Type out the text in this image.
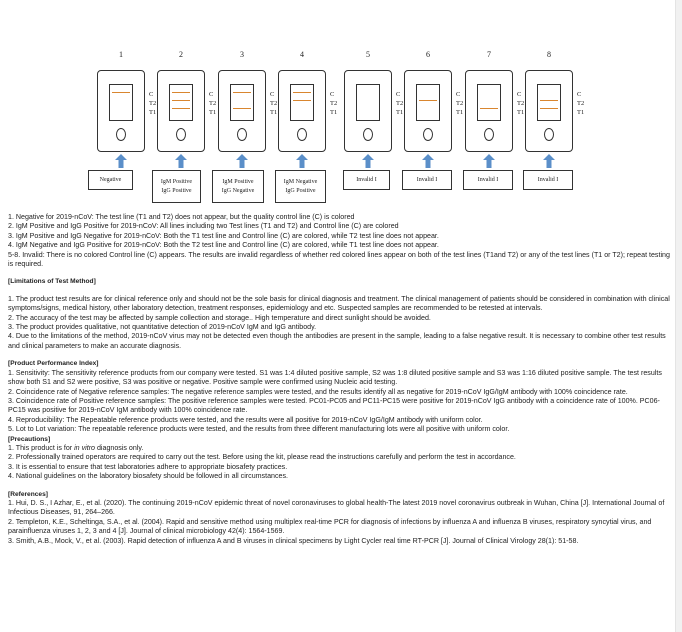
1
C
T2
T1
Negative
2
C
T2
T1
IgM Positive
IgG Positive
3
C
T2
T1
IgM Positive
IgG Negative
4
C
T2
T1
IgM Negative
IgG Positive
5
C
T2
T1
Invalid I
6
C
T2
T1
Invalid I
7
C
T2
T1
Invalid I
8
C
T2
T1
Invalid I

1. Negative for 2019-nCoV: The test line (T1 and T2) does not appear, but the quality control line (C) is colored

2. IgM Positive and IgG Positive for 2019-nCoV: All lines including two Test lines (T1 and T2) and Control line (C) are colored

3. IgM Positive and IgG Negative for 2019-nCoV: Both the T1 test line and Control line (C) are colored, while T2 test line does not appear.

4. IgM Negative and IgG Positive for 2019-nCoV: Both the T2 test line and Control line (C) are colored, while T1 test line does not appear.

5-8. Invalid: There is no colored Control line (C) appears. The results are invalid regardless of whether red colored lines appear on both of the test lines (T1and T2) or any of the test lines (T1 or T2); repeat testing is required.

[Limitations of Test Method]

1. The product test results are for clinical reference only and should not be the sole basis for clinical diagnosis and treatment. The clinical management of patients should be considered in combination with clinical symptoms/signs, medical history, other laboratory detection, treatment responses, epidemiology and etc. Suspected samples are recommended to be retested at intervals.

2. The accuracy of the test may be affected by sample collection and storage.. High temperature and direct sunlight should be avoided.

3. The product provides qualitative, not quantitative detection of 2019-nCoV IgM and IgG antibody.

4. Due to the limitations of the method, 2019-nCoV virus may not be detected even though the antibodies are present in the sample, leading to a false negative result. It is necessary to combine other test results and clinical parameters to make an accurate diagnosis.

[Product Performance Index]

1. Sensitivity: The sensitivity reference products from our company were tested. S1 was 1:4 diluted positive sample, S2 was 1:8 diluted positive sample and S3 was 1:16 diluted positive sample. The test results show both S1 and S2 were positive, S3 was positive or negative. Positive sample were confirmed using Nucleic acid testing.

2. Coincidence rate of Negative reference samples: The negative reference samples were tested, and the results identify all as negative for 2019-nCoV IgG/IgM antibody with 100% coincidence rate.

3. Coincidence rate of Positive reference samples: The positive reference samples were tested. PC01-PC05 and PC11-PC15 were positive for 2019-nCoV IgG antibody with a coincidence rate of 100%. PC06-PC15 was positive for 2019-nCoV IgM antibody with 100% coincidence rate.

4. Reproducibility: The Repeatable reference products were tested, and the results were all positive for 2019-nCoV IgG/IgM antibody with uniform color.

5. Lot to Lot variation: The repeatable reference products were tested, and the results from three different manufacturing lots were all positive with uniform color.

[Precautions]

1. This product is for in vitro diagnosis only.

2. Professionally trained operators are required to carry out the test. Before using the kit, please read the instructions carefully and perform the test in accordance.

3. It is essential to ensure that test laboratories adhere to appropriate biosafety practices.

4. National guidelines on the laboratory biosafety should be followed in all circumstances.

[References]

1. Hui, D. S., I Azhar, E., et al. (2020). The continuing 2019-nCoV epidemic threat of novel coronaviruses to global health-The latest 2019 novel coronavirus outbreak in Wuhan, China [J]. International Journal of Infectious Diseases, 91, 264–266.

2. Templeton, K.E., Scheltinga, S.A., et al. (2004). Rapid and sensitive method using multiplex real-time PCR for diagnosis of infections by influenza A and influenza B viruses, respiratory syncytial virus, and parainfluenza viruses 1, 2, 3 and 4 [J]. Journal of clinical microbiology 42(4): 1564-1569.

3. Smith, A.B., Mock, V., et al. (2003). Rapid detection of influenza A and B viruses in clinical specimens by Light Cycler real time RT-PCR [J]. Journal of Clinical Virology 28(1): 51-58.
